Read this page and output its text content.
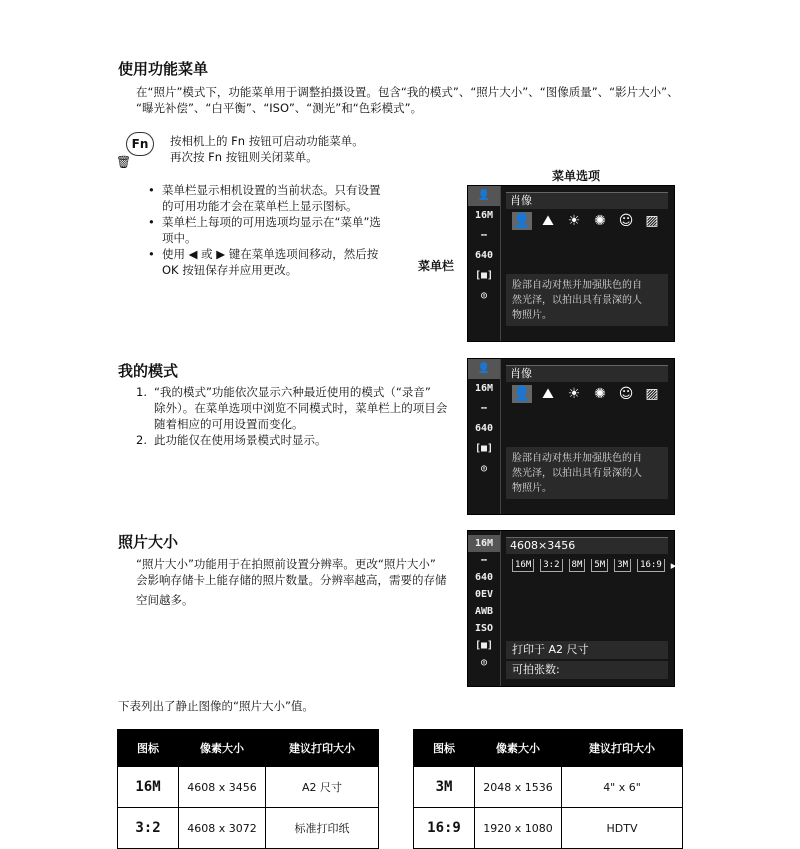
使用功能菜单
在“照片”模式下，功能菜单用于调整拍摄设置。包含“我的模式”、“照片大小”、“图像质量”、“影片大小”、
“曝光补偿”、“白平衡”、“ISO”、“测光”和“色彩模式”。
Fn
🗑
按相机上的 Fn 按钮可启动功能菜单。
再次按 Fn 按钮则关闭菜单。
• 菜单栏显示相机设置的当前状态。只有设置的可用功能才会在菜单栏上显示图标。
• 菜单栏上每项的可用选项均显示在“菜单”选项中。
• 使用 ◀ 或 ▶ 键在菜单选项间移动，然后按 OK 按钮保存并应用更改。
菜单选项
菜单栏
👤
16M
⋯
640
[■]
◎
肖像
👤 ⛰ ☀ ✺ ☺ ▨
脸部自动对焦并加强肤色的自
然光泽，以拍出具有景深的人
物照片。
我的模式
1. “我的模式”功能依次显示六种最近使用的模式（“录音”
除外）。在菜单选项中浏览不同模式时，菜单栏上的项目会
随着相应的可用设置而变化。
2. 此功能仅在使用场景模式时显示。
👤
16M
⋯
640
[■]
◎
肖像
👤 ⛰ ☀ ✺ ☺ ▨
脸部自动对焦并加强肤色的自
然光泽，以拍出具有景深的人
物照片。
照片大小
“照片大小”功能用于在拍照前设置分辨率。更改“照片大小”
会影响存储卡上能存储的照片数量。分辨率越高，需要的存储
空间越多。
16M
⋯
640
0EV
AWB
ISO
[■]
◎
4608×3456
16M	3:2	8M	5M	3M	16:9 ▸
打印于 A2 尺寸
可拍张数:
下表列出了静止图像的“照片大小”值。
图标	像素大小	建议打印大小
16M	4608 x 3456	A2 尺寸
3:2	4608 x 3072	标准打印纸
图标	像素大小	建议打印大小
3M	2048 x 1536	4" x 6"
16:9	1920 x 1080	HDTV
